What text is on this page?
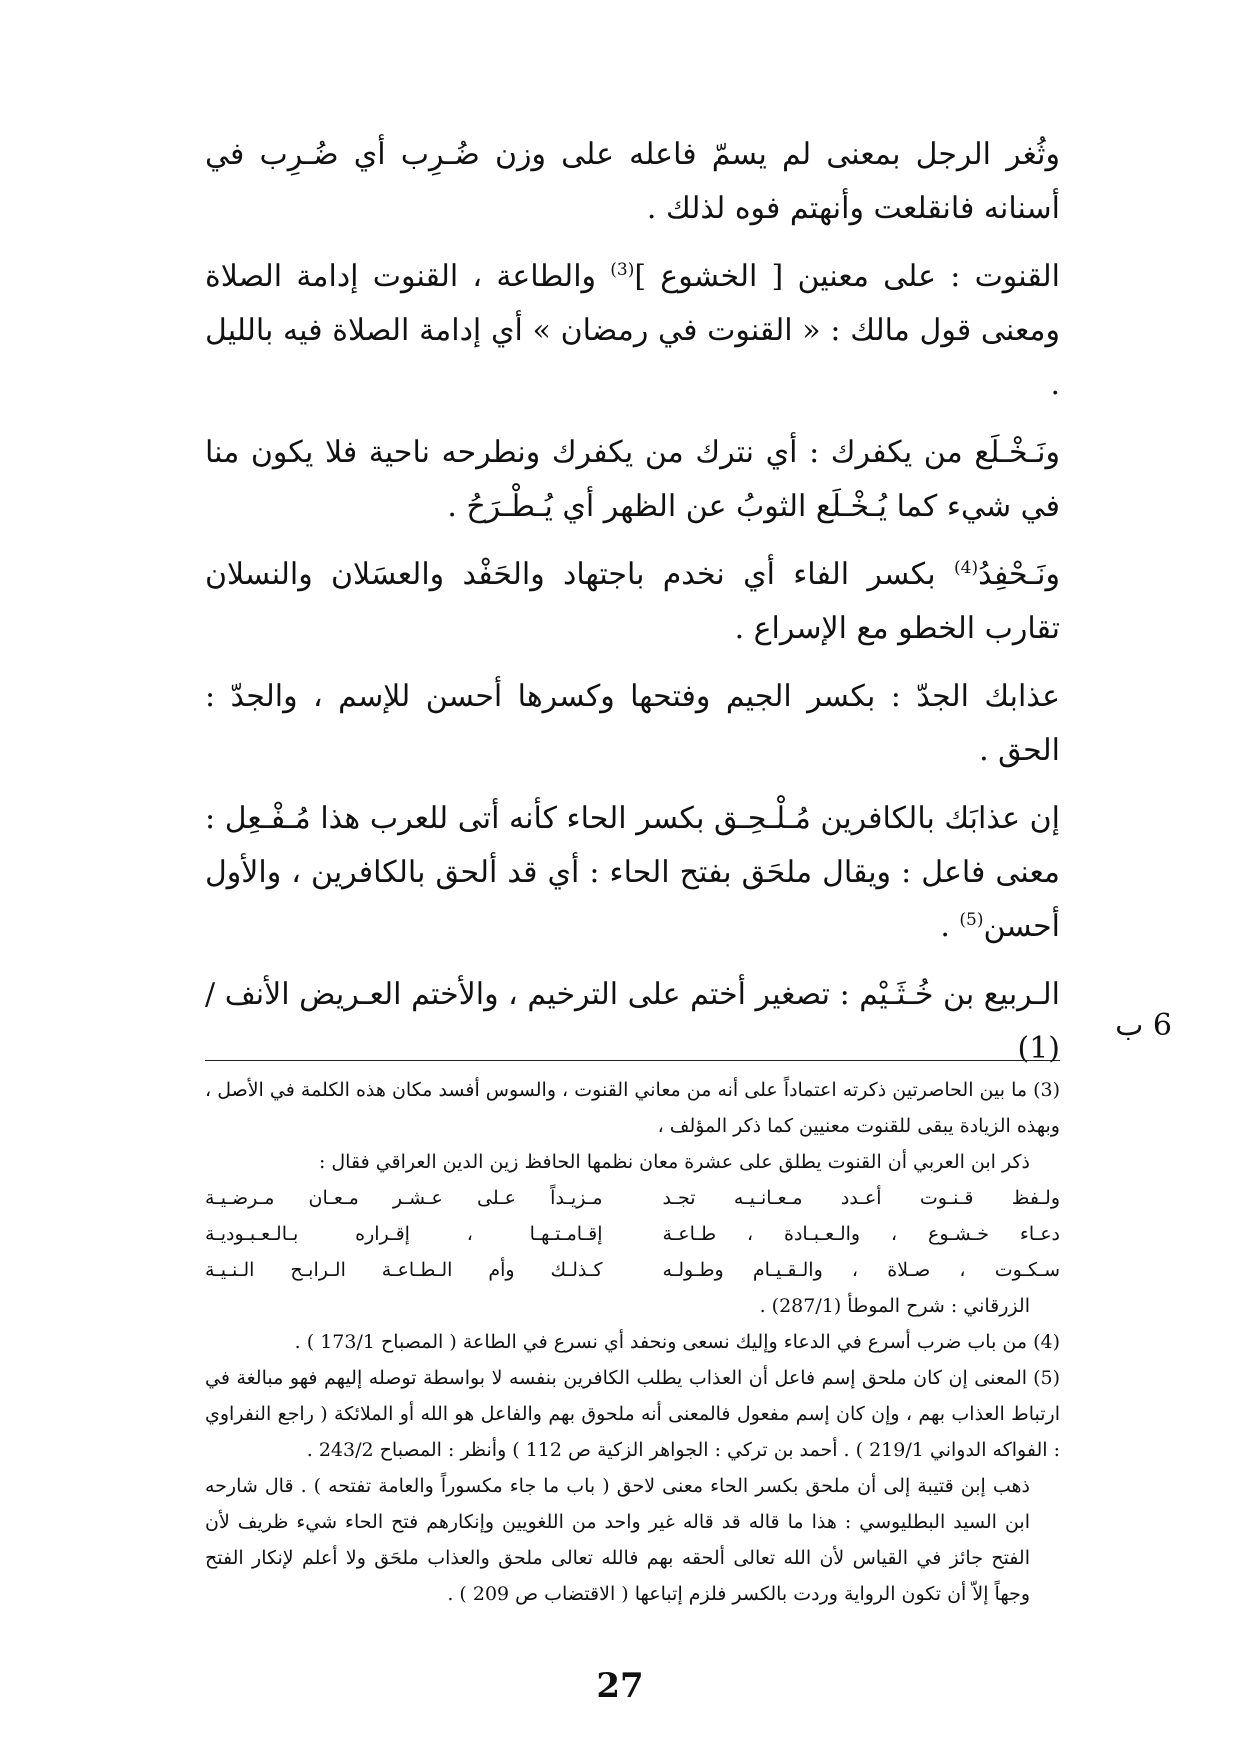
وثُغر الرجل بمعنى لم يسمّ فاعله على وزن ضُـرِب أي ضُـرِب في أسنانه فانقلعت وأنهتم فوه لذلك .

القنوت : على معنين [ الخشوع ]$^{(3)}$ والطاعة ، القنوت إدامة الصلاة ومعنى قول مالك : « القنوت في رمضان » أي إدامة الصلاة فيه بالليل .

ونَـخْـلَع من يكفرك : أي نترك من يكفرك ونطرحه ناحية فلا يكون منا في شيء كما يُـخْـلَع الثوبُ عن الظهر أي يُـطْـرَحُ .

ونَـحْفِدُ$^{(4)}$ بكسر الفاء أي نخدم باجتهاد والحَفْد والعسَلان والنسلان تقارب الخطو مع الإسراع .

عذابك الجدّ : بكسر الجيم وفتحها وكسرها أحسن للإسم ، والجدّ : الحق .

إن عذابَك بالكافرين مُـلْـحِـق بكسر الحاء كأنه أتى للعرب هذا مُـفْـعِل : معنى فاعل : ويقال ملحَق بفتح الحاء : أي قد ألحق بالكافرين ، والأول أحسن$^{(5)}$ .

الـربيع بن خُـثَـيْم : تصغير أختم على الترخيم ، والأختم العـريض الأنف / (1)

6 ب

(3)ما بين الحاصرتين ذكرته اعتماداً على أنه من معاني القنوت ، والسوس أفسد مكان هذه الكلمة في الأصل ، وبهذه الزيادة يبقى للقنوت معنيين كما ذكر المؤلف ،

ذكر ابن العربي أن القنوت يطلق على عشرة معان نظمها الحافظ زين الدين العراقي فقال :

ولـفظ قـنـوت أعـدد مـعـانـيـه تجـد
مـزيـداً عـلى عـشـر مـعـان مـرضـيـة
دعـاء خـشـوع ، والـعـبـادة ، طـاعـة
إقـامـتـهـا ، إقـراره بـالـعـبـوديـة
سـكـوت ، صـلاة ، والـقـيـام وطـولـه
كـذلـك وأم الـطـاعـة الـرابـح الـنـيـة

الزرقاني : شرح الموطأ (287/1) .

(4)من باب ضرب أسرع في الدعاء وإليك نسعى ونحفد أي نسرع في الطاعة ( المصباح 173/1 ) .

(5)المعنى إن كان ملحق إسم فاعل أن العذاب يطلب الكافرين بنفسه لا بواسطة توصله إليهم فهو مبالغة في ارتباط العذاب بهم ، وإن كان إسم مفعول فالمعنى أنه ملحوق بهم والفاعل هو الله أو الملائكة ( راجع النفراوي : الفواكه الدواني 219/1 ) . أحمد بن تركي : الجواهر الزكية ص 112 ) وأنظر : المصباح 243/2 .

ذهب إبن قتيبة إلى أن ملحق بكسر الحاء معنى لاحق ( باب ما جاء مكسوراً والعامة تفتحه ) . قال شارحه ابن السيد البطليوسي : هذا ما قاله قد قاله غير واحد من اللغويين وإنكارهم فتح الحاء شيء ظريف لأن الفتح جائز في القياس لأن الله تعالى ألحقه بهم فالله تعالى ملحق والعذاب ملحَق ولا أعلم لإنكار الفتح وجهاً إلاّ أن تكون الرواية وردت بالكسر فلزم إتباعها ( الاقتضاب ص 209 ) .

27
